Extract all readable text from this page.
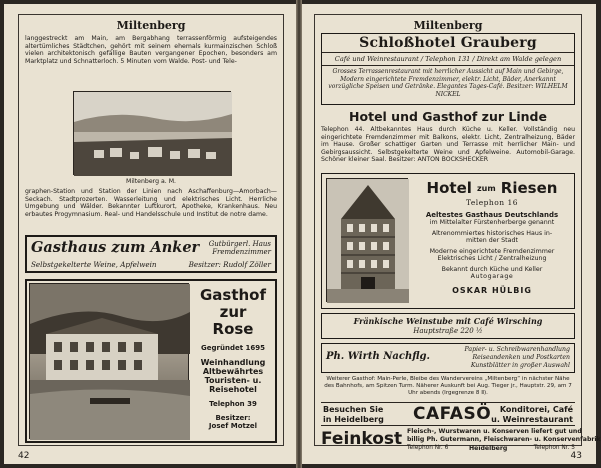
Miltenberg
langgestreckt am Main, am Bergabhang terrassenförmig aufsteigendes altertümliches Städtchen, gehört mit seinem ehemals kurmainzischen Schloß vielen architektonisch gefällige Bauten vergangener Epochen, besonders am Marktplatz und Schnatterloch. 5 Minuten vom Walde. Post- und Tele-
Miltenberg a. M.
graphen-Station und Station der Linien nach Aschaffenburg—Amorbach—Seckach. Stadtprozerten. Wasserleitung und elektrisches Licht. Herrliche Umgebung und Wälder. Bekannter Luftkurort, Apotheke, Krankenhaus. Neu erbautes Progymnasium. Real- und Handelsschule und Institut de notre dame.
Gasthaus zum Anker Gutbürgerl. Haus
Fremdenzimmer
Selbstgekelterte Weine, Apfelwein	Besitzer: Rudolf Zöller
Gasthof
zur
Rose
Gegründet 1695
Weinhandlung
Altbewährtes
Touristen- u.
Reisehotel
Telephon 39
Besitzer:
Josef Motzel
42
Miltenberg
Schloßhotel Grauberg
Café und Weinrestaurant / Telephon 131 / Direkt am Walde gelegen
Grosses Terrassenrestaurant mit herrlicher Aussicht auf Main und Gebirge, Modern eingerichtete Fremdenzimmer, elektr. Licht, Bäder, Anerkannt vorzügliche Speisen und Getränke. Elegantes Tages-Café. Besitzer: WILHELM NICKEL
Hotel und Gasthof zur Linde
Telephon 44. Altbekanntes Haus durch Küche u. Keller. Vollständig neu eingerichtete Fremdenzimmer mit Balkons, elektr. Licht, Zentralheizung, Bäder im Hause. Großer schattiger Garten und Terrasse mit herrlicher Main- und Gebirgsaussicht. Selbstgekelterte Weine und Apfelweine. Automobil-Garage. Schöner kleiner Saal. Besitzer: ANTON BOCKSHECKER
Hotel zum Riesen
Telephon 16
Aeltestes Gasthaus Deutschlands
im Mittelalter Fürstenherberge genannt
Altrenommiertes historisches Haus in-
mitten der Stadt
Moderne eingerichtete Fremdenzimmer
Elektrisches Licht / Zentralheizung
Bekannt durch Küche und Keller
Autogarage
OSKAR HÜLBIG
Fränkische Weinstube mit Café Wirsching
Hauptstraße 220 ½
Ph. Wirth Nachflg.
Papier- u. Schreibwarenhandlung
Reiseandenken und Postkarten
Kunstblätter in großer Auswahl
Weiterer Gasthof: Main-Perle, Bleibe des Wandervereins „Miltenberg“ in nächster Nähe des Bahnhofs, am Spitzen Turm. Näherer Auskunft bei Aug. Tieger jr., Hauptstr. 29, am 7 Uhr abends (Irgegrenze 8 Ⅱ).
Besuchen Sie
in Heidelberg CAFASÖ Konditorei, Café
u. Weinrestaurant
Feinkost Fleisch-, Wurstwaren u. Konserven liefert gut und
billig Ph. Gutermann, Fleischwaren- u. Konservenfabrik
Telephon Nr. 6	Heidelberg	Telephon Nr. 5
43
